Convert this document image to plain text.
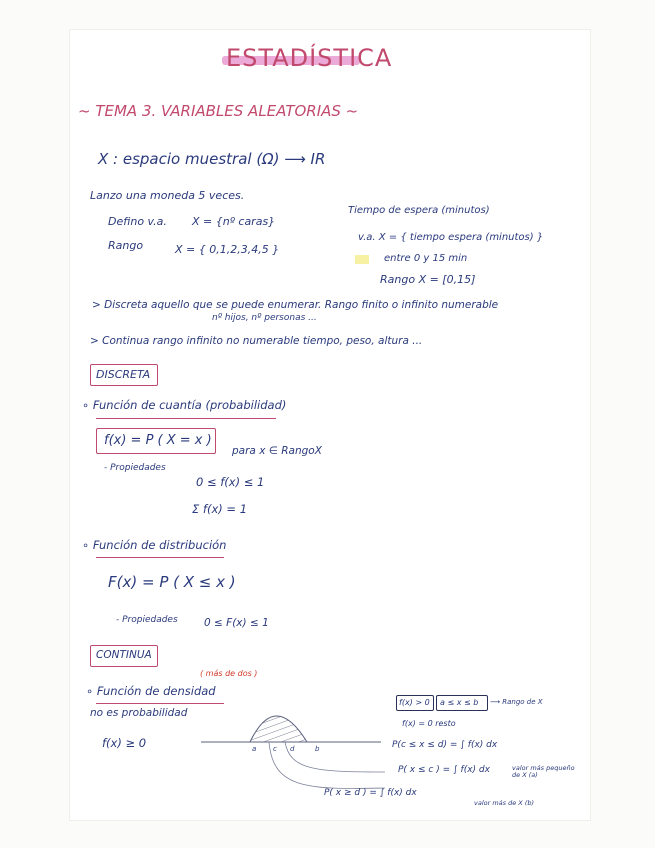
ESTADÍSTICA
~ TEMA 3. VARIABLES ALEATORIAS ~
X : espacio muestral (Ω) ⟶ IR
Lanzo una moneda 5 veces.
Defino v.a. X = {nº caras}
Rango	X = { 0,1,2,3,4,5 }
Tiempo de espera (minutos)
v.a. X = { tiempo espera (minutos) }
entre 0 y 15 min
Rango X = [0,15]
> Discreta aquello que se puede enumerar. Rango finito o infinito numerable
nº hijos, nº personas ...
> Continua rango infinito no numerable tiempo, peso, altura ...
DISCRETA
∘ Función de cuantía (probabilidad)
f(x) = P ( X = x )
para x ∈ RangoX
- Propiedades
0 ≤ f(x) ≤ 1
Σ f(x) = 1
∘ Función de distribución
F(x) = P ( X ≤ x )
- Propiedades	0 ≤ F(x) ≤ 1
CONTINUA
( más de dos )
∘ Función de densidad
no es probabilidad
f(x) ≥ 0	a c d	b
f(x) > 0 a ≤ x ≤ b ⟶ Rango de X
f(x) = 0 resto
P(c ≤ x ≤ d) = ∫ f(x) dx
P( x ≤ c ) = ∫ f(x) dx
P( x ≥ d ) = ∫ f(x) dx
valor más pequeño de X (a)
valor más de X (b)
